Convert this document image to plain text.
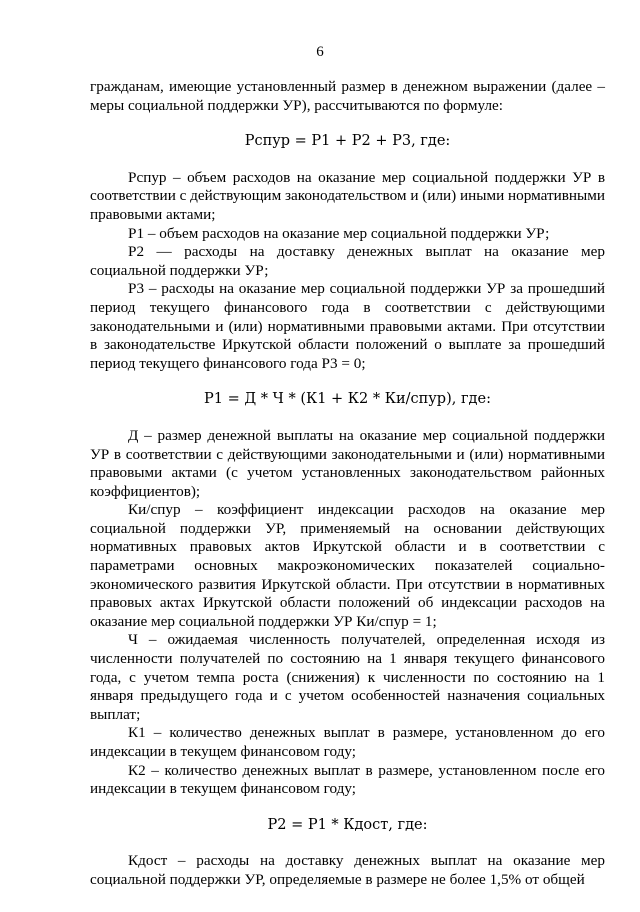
6

гражданам, имеющие установленный размер в денежном выражении (далее – меры социальной поддержки УР), рассчитываются по формуле:

Рспур = Р1 + Р2 + Р3, где:

Рспур – объем расходов на оказание мер социальной поддержки УР в соответствии с действующим законодательством и (или) иными нормативными правовыми актами;

Р1 – объем расходов на оказание мер социальной поддержки УР;

Р2 — расходы на доставку денежных выплат на оказание мер социальной поддержки УР;

Р3 – расходы на оказание мер социальной поддержки УР за прошедший период текущего финансового года в соответствии с действующими законодательными и (или) нормативными правовыми актами. При отсутствии в законодательстве Иркутской области положений о выплате за прошедший период текущего финансового года Р3 = 0;

Р1 = Д * Ч * (К1 + К2 * Ки/спур), где:

Д – размер денежной выплаты на оказание мер социальной поддержки УР в соответствии с действующими законодательными и (или) нормативными правовыми актами (с учетом установленных законодательством районных коэффициентов);

Ки/спур – коэффициент индексации расходов на оказание мер социальной поддержки УР, применяемый на основании действующих нормативных правовых актов Иркутской области и в соответствии с параметрами основных макроэкономических показателей социально-экономического развития Иркутской области. При отсутствии в нормативных правовых актах Иркутской области положений об индексации расходов на оказание мер социальной поддержки УР Ки/спур = 1;

Ч – ожидаемая численность получателей, определенная исходя из численности получателей по состоянию на 1 января текущего финансового года, с учетом темпа роста (снижения) к численности по состоянию на 1 января предыдущего года и с учетом особенностей назначения социальных выплат;

К1 – количество денежных выплат в размере, установленном до его индексации в текущем финансовом году;

К2 – количество денежных выплат в размере, установленном после его индексации в текущем финансовом году;

Р2 = Р1 * Кдост, где:

Кдост – расходы на доставку денежных выплат на оказание мер социальной поддержки УР, определяемые в размере не более 1,5% от общей
